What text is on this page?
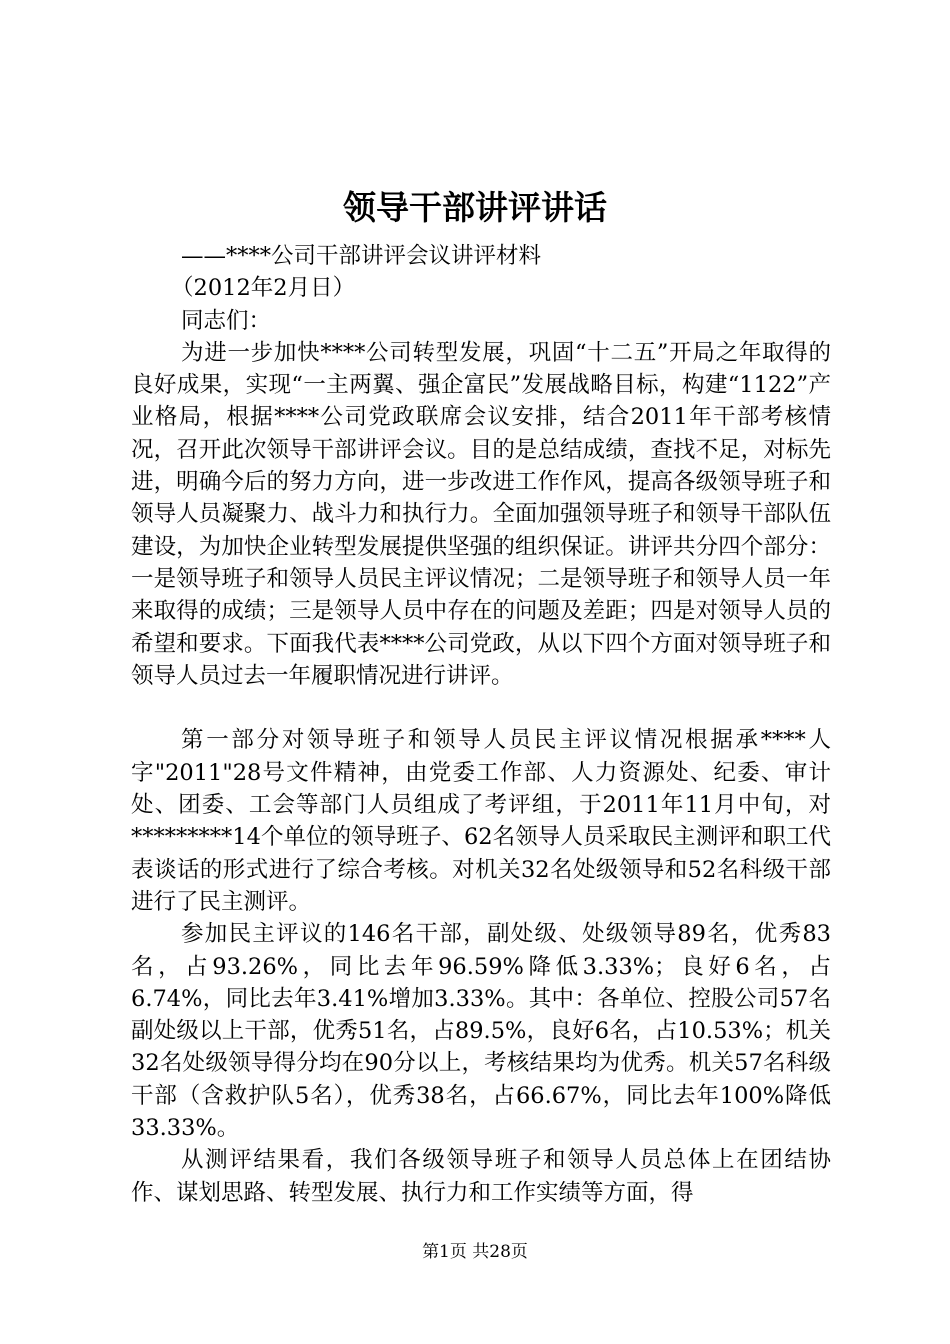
领导干部讲评讲话

——****公司干部讲评会议讲评材料

（2012年2月日）

同志们：

为进一步加快****公司转型发展，巩固“十二五”开局之年取得的良好成果，实现“一主两翼、强企富民”发展战略目标，构建“1122”产业格局，根据****公司党政联席会议安排，结合2011年干部考核情况，召开此次领导干部讲评会议。目的是总结成绩，查找不足，对标先进，明确今后的努力方向，进一步改进工作作风，提高各级领导班子和领导人员凝聚力、战斗力和执行力。全面加强领导班子和领导干部队伍建设，为加快企业转型发展提供坚强的组织保证。讲评共分四个部分：一是领导班子和领导人员民主评议情况；二是领导班子和领导人员一年来取得的成绩；三是领导人员中存在的问题及差距；四是对领导人员的希望和要求。下面我代表****公司党政，从以下四个方面对领导班子和领导人员过去一年履职情况进行讲评。

第一部分对领导班子和领导人员民主评议情况根据承****人字"2011"28号文件精神，由党委工作部、人力资源处、纪委、审计处、团委、工会等部门人员组成了考评组，于2011年11月中旬，对*********14个单位的领导班子、62名领导人员采取民主测评和职工代表谈话的形式进行了综合考核。对机关32名处级领导和52名科级干部进行了民主测评。

参加民主评议的146名干部，副处级、处级领导89名，优秀83名，占93.26%，同比去年96.59%降低3.33%；良好6名，占6.74%，同比去年3.41%增加3.33%。其中：各单位、控股公司57名副处级以上干部，优秀51名，占89.5%，良好6名，占10.53%；机关32名处级领导得分均在90分以上，考核结果均为优秀。机关57名科级干部（含救护队5名），优秀38名，占66.67%，同比去年100%降低33.33%。

从测评结果看，我们各级领导班子和领导人员总体上在团结协作、谋划思路、转型发展、执行力和工作实绩等方面，得

第1页 共28页
